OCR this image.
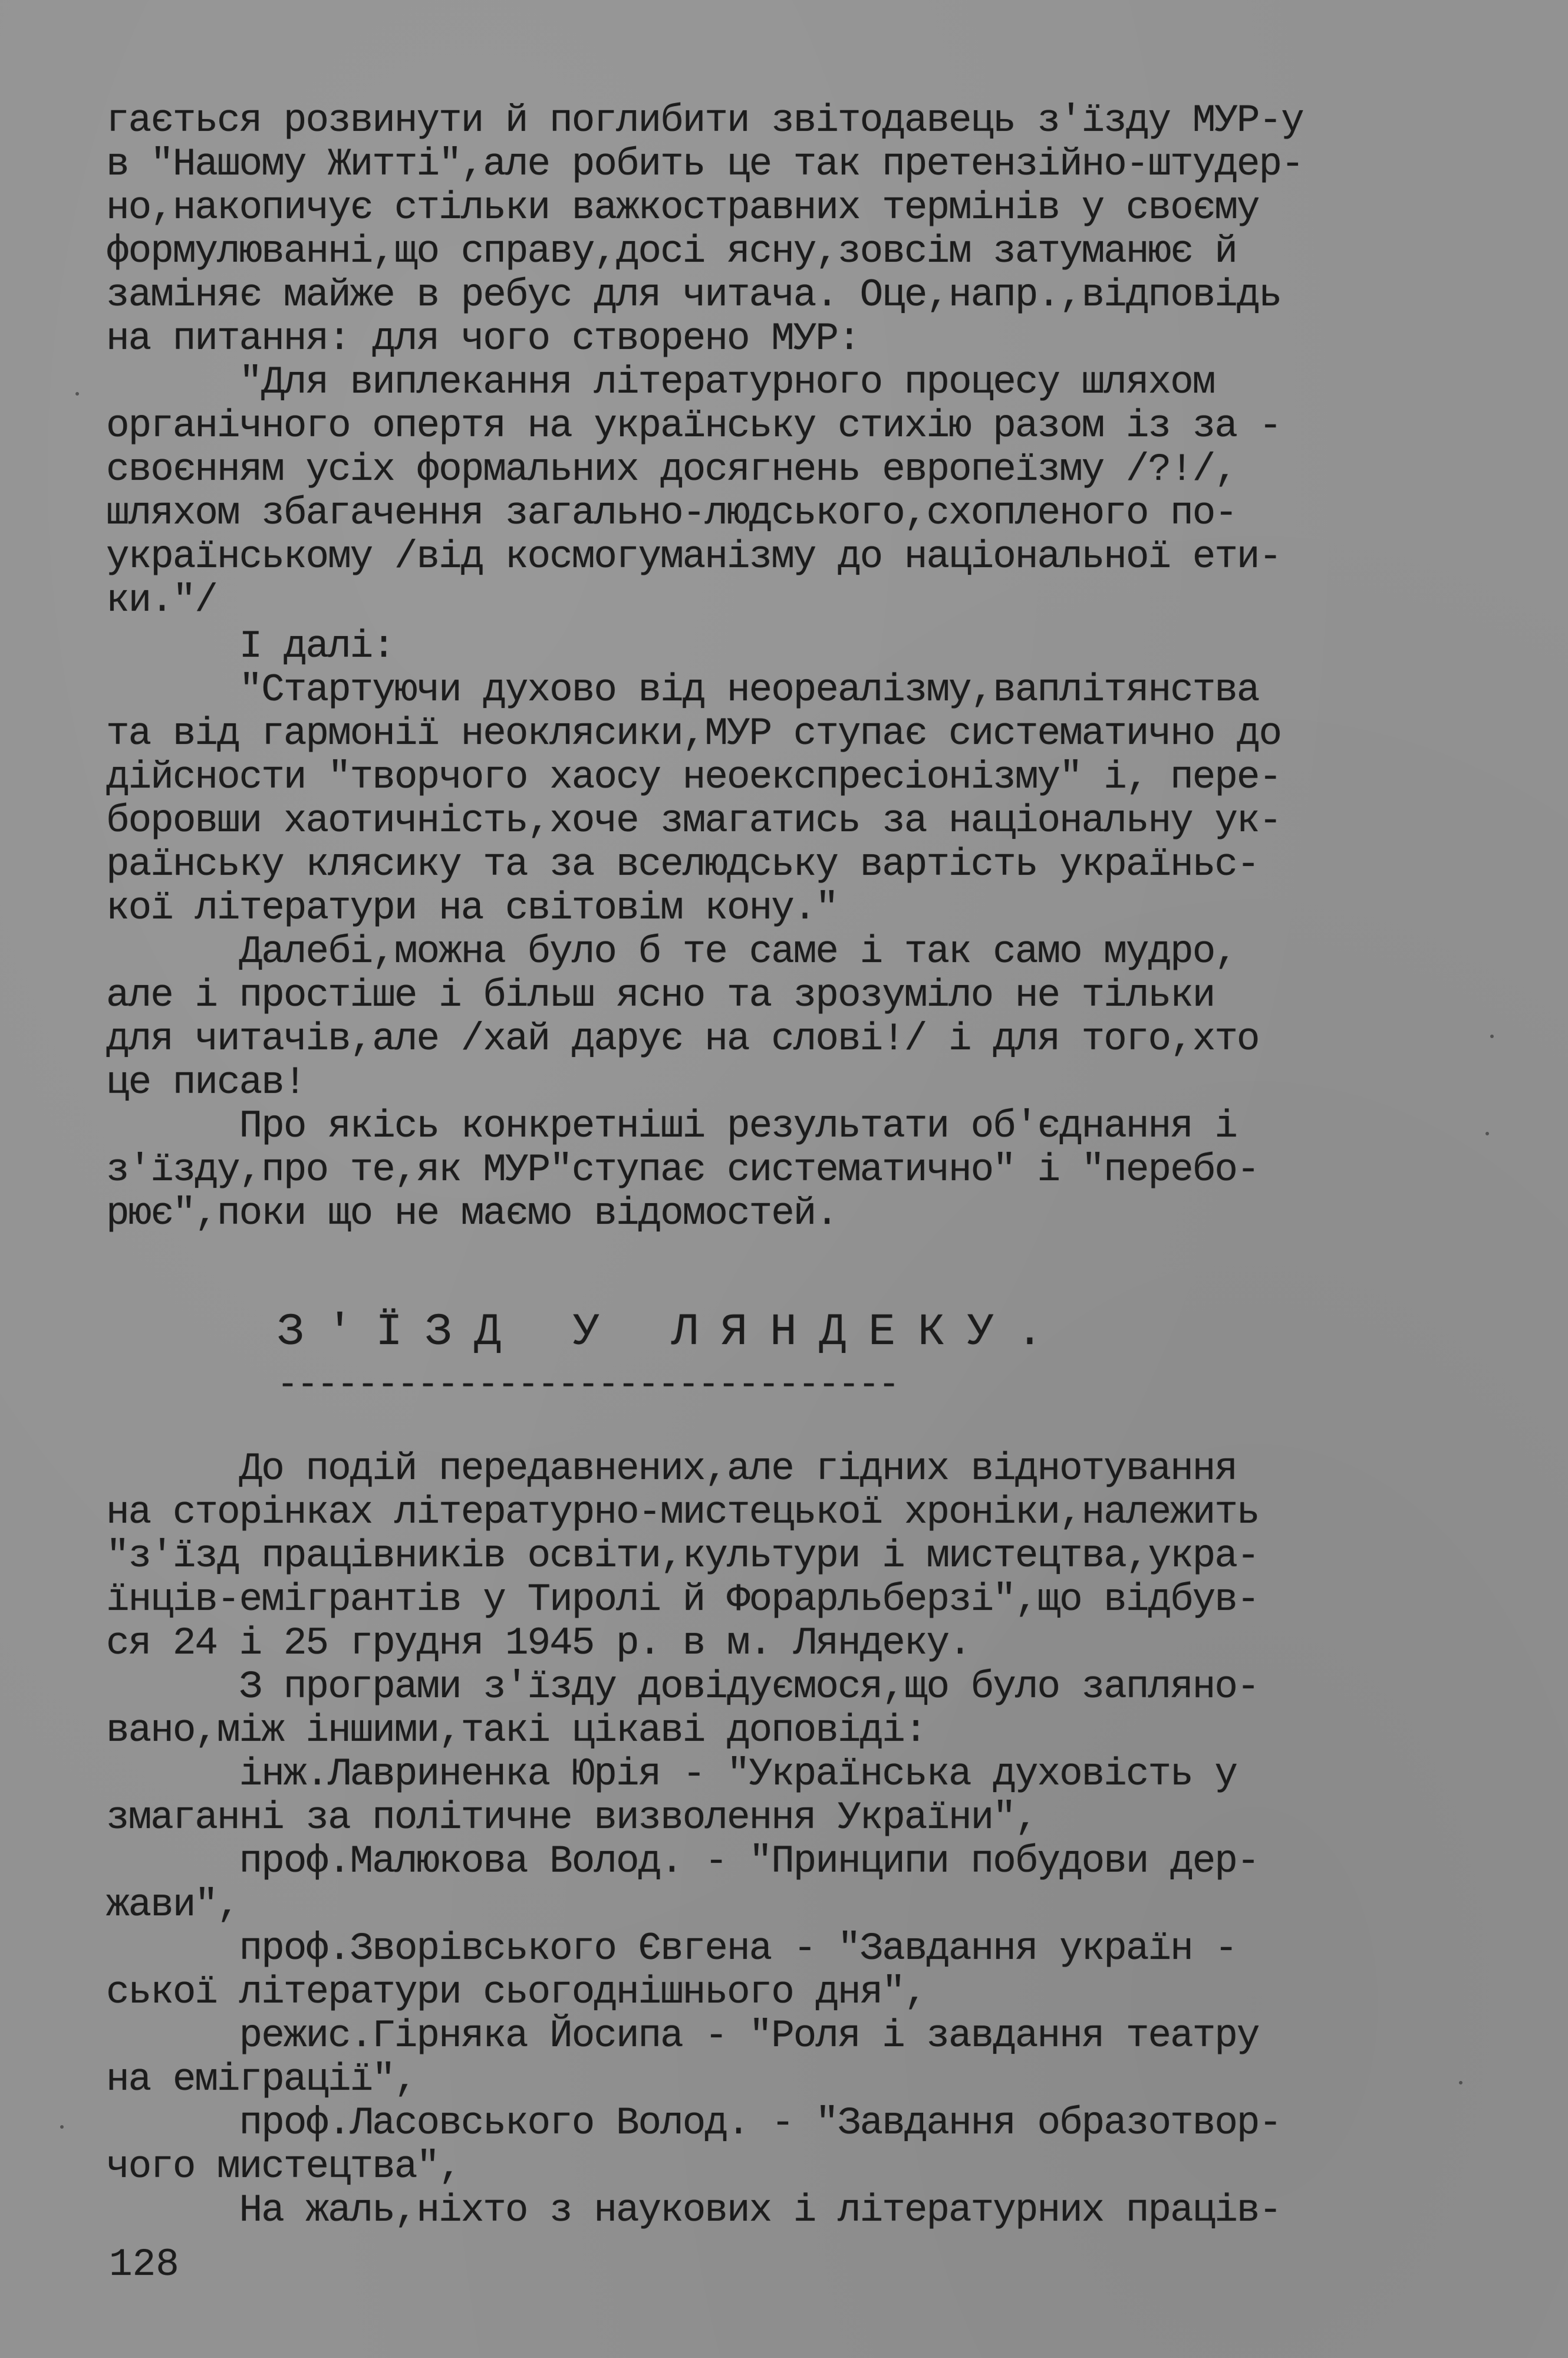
гається розвинути й поглибити звітодавець з'їзду МУР-у
в "Нашому Житті",але робить це так претензійно-штудер-
но,накопичує стільки важкостравних термінів у своєму
формулюванні,що справу,досі ясну,зовсім затуманює й
заміняє майже в ребус для читача. Оце,напр.,відповідь
на питання: для чого створено МУР:
"Для виплекання літературного процесу шляхом
органічного опертя на українську стихію разом із за -
своєнням усіх формальних досягнень европеїзму /?!/,
шляхом збагачення загально-людського,схопленого по-
українському /від космогуманізму до національної ети-
ки."/
І далі:
"Стартуючи духово від неореалізму,ваплітянства
та від гармонії неоклясики,МУР ступає систематично до
дійсности "творчого хаосу неоекспресіонізму" і, пере-
боровши хаотичність,хоче змагатись за національну ук-
раїнську клясику та за вселюдську вартість україньс-
кої літератури на світовім кону."
Далебі,можна було б те саме і так само мудро,
але і простіше і більш ясно та зрозуміло не тільки
для читачів,але /хай дарує на слові!/ і для того,хто
це писав!
Про якісь конкретніші результати об'єднання і
з'їзду,про те,як МУР"ступає систематично" і "перебо-
рює",поки що не маємо відомостей.
З'ЇЗД У ЛЯНДЕКУ.
-------------------------------
До подій передавнених,але гідних віднотування
на сторінках літературно-мистецької хроніки,належить
"з'їзд працівників освіти,культури і мистецтва,укра-
їнців-емігрантів у Тиролі й Форарльберзі",що відбув-
ся 24 і 25 грудня 1945 р. в м. Ляндеку.
З програми з'їзду довідуємося,що було заплянo-
вано,між іншими,такі цікаві доповіді:
інж.Лавриненка Юрія - "Українська духовість у
змаганні за політичне визволення України",
проф.Малюкова Волод. - "Принципи побудови дер-
жави",
проф.Зворівського Євгена - "Завдання україн -
ської літератури сьогоднішнього дня",
режис.Гірняка Йосипа - "Роля і завдання театру
на еміграції",
проф.Ласовського Волод. - "Завдання образотвор-
чого мистецтва",
На жаль,ніхто з наукових і літературних праців-
128
